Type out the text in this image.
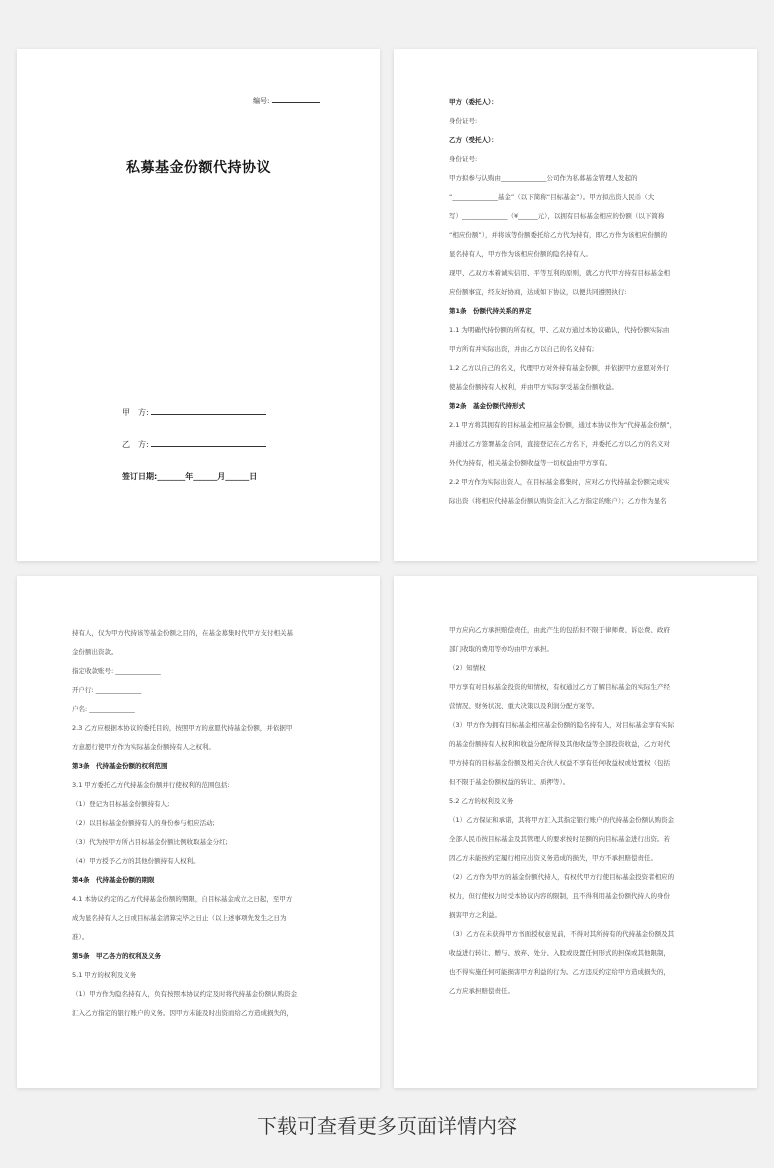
编号:
私募基金份额代持协议
甲　方:
乙　方:
签订日期:_______年______月______日
甲方（委托人）：
身份证号:
乙方（受托人）：
身份证号:
甲方拟参与认购由______________公司作为私募基金管理人发起的
“______________基金”（以下简称“目标基金”）。甲方拟出资人民币（大
写）______________（¥______元），以拥有目标基金相应的份额（以下简称
“相应份额”），并将该等份额委托给乙方代为持有，即乙方作为该相应份额的
显名持有人，甲方作为该相应份额的隐名持有人。
现甲、乙双方本着诚实信用、平等互利的原则，就乙方代甲方持有目标基金相
应份额事宜，经友好协商，达成如下协议，以便共同遵照执行:
第1条　份额代持关系的界定
1.1 为明确代持份额的所有权，甲、乙双方通过本协议确认，代持份额实际由
甲方所有并实际出资，并由乙方以自己的名义持有;
1.2 乙方以自己的名义，代理甲方对外持有基金份额，并依据甲方意愿对外行
使基金份额持有人权利，并由甲方实际享受基金份额收益。
第2条　基金份额代持形式
2.1 甲方将其拥有的目标基金相应基金份额，通过本协议作为“代持基金份额”，
并通过乙方签署基金合同，直接登记在乙方名下，并委托乙方以乙方的名义对
外代为持有，相关基金份额收益等一切权益由甲方享有。
2.2 甲方作为实际出资人，在目标基金募集时，应对乙方代持基金份额完成实
际出资（将相应代持基金份额认购资金汇入乙方指定的账户）；乙方作为显名
持有人，仅为甲方代持该等基金份额之目的，在基金募集时代甲方支付相关基
金份额出资款。
指定收款账号: ______________
开户行: ______________
户名: ______________
2.3 乙方应根据本协议的委托目的，按照甲方的意愿代持基金份额，并依据甲
方意愿行使甲方作为实际基金份额持有人之权利。
第3条　代持基金份额的权利范围
3.1 甲方委托乙方代持基金份额并行使权利的范围包括:
（1）登记为目标基金份额持有人;
（2）以目标基金份额持有人的身份参与相应活动;
（3）代为按甲方所占目标基金份额比例收取基金分红;
（4）甲方授予乙方的其他份额持有人权利。
第4条　代持基金份额的期限
4.1 本协议约定的乙方代持基金份额的期限，自目标基金成立之日起，至甲方
成为显名持有人之日或目标基金清算完毕之日止（以上述事项先发生之日为
准）。
第5条　甲乙各方的权利及义务
5.1 甲方的权利及义务
（1）甲方作为隐名持有人，负有按照本协议约定及时将代持基金份额认购资金
汇入乙方指定的银行账户的义务。因甲方未能及时出资而给乙方造成损失的，
甲方应向乙方承担赔偿责任，由此产生的包括但不限于律师费、诉讼费、政府
部门收取的费用等亦均由甲方承担。
（2）知情权
甲方享有对目标基金投资的知情权，有权通过乙方了解目标基金的实际生产经
营情况、财务状况、重大决策以及利润分配方案等。
（3）甲方作为拥有目标基金相应基金份额的隐名持有人，对目标基金享有实际
的基金份额持有人权利和收益分配所得及其他收益等全部投资收益，乙方对代
甲方持有的目标基金份额及相关合伙人权益不享有任何收益权或处置权（包括
但不限于基金份额权益的转让、质押等）。
5.2 乙方的权利及义务
（1）乙方保证和承诺，其将甲方汇入其指定银行账户的代持基金份额认购资金
全部人民币按目标基金及其管理人的要求按时足额的向目标基金进行出资。若
因乙方未能按约定履行相应出资义务造成的损失，甲方不承担赔偿责任。
（2）乙方作为甲方的基金份额代持人，有权代甲方行使目标基金投资者相应的
权力，但行使权力时受本协议内容的限制，且不得利用基金份额代持人的身份
损害甲方之利益。
（3）乙方在未获得甲方书面授权意见前，不得对其所持有的代持基金份额及其
收益进行转让、赠与、放弃、处分、入股或设置任何形式的担保或其他限制，
也不得实施任何可能损害甲方利益的行为。乙方违反约定给甲方造成损失的，
乙方应承担赔偿责任。
下载可查看更多页面详情内容
